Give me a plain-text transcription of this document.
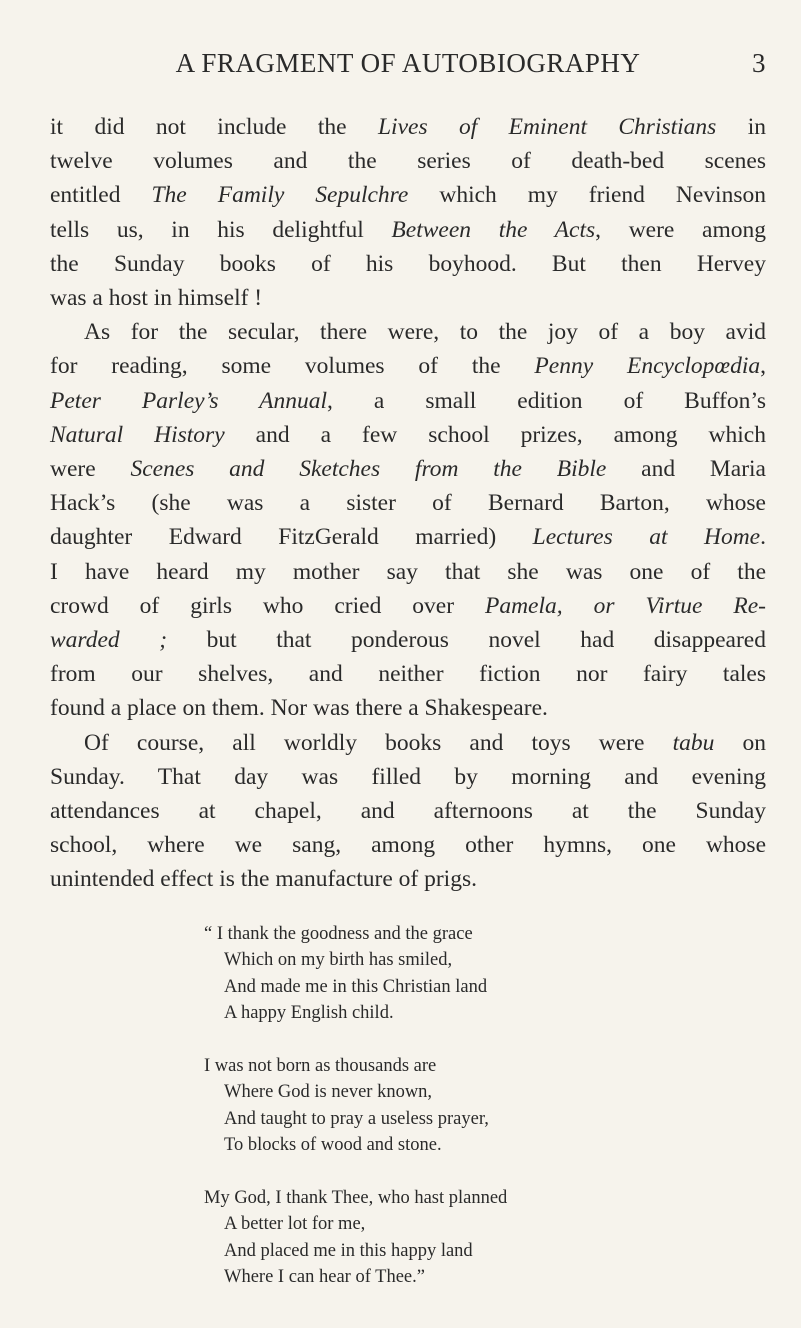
A FRAGMENT OF AUTOBIOGRAPHY	3

it did not include the Lives of Eminent Christians in
twelve volumes and the series of death-bed scenes
entitled The Family Sepulchre which my friend Nevinson
tells us, in his delightful Between the Acts, were among
the Sunday books of his boyhood. But then Hervey
was a host in himself !

As for the secular, there were, to the joy of a boy avid
for reading, some volumes of the Penny Encyclopœdia,
Peter Parley’s Annual, a small edition of Buffon’s
Natural History and a few school prizes, among which
were Scenes and Sketches from the Bible and Maria
Hack’s (she was a sister of Bernard Barton, whose
daughter Edward FitzGerald married) Lectures at Home.
I have heard my mother say that she was one of the
crowd of girls who cried over Pamela, or Virtue Re-
warded ; but that ponderous novel had disappeared
from our shelves, and neither fiction nor fairy tales
found a place on them. Nor was there a Shakespeare.

Of course, all worldly books and toys were tabu on
Sunday. That day was filled by morning and evening
attendances at chapel, and afternoons at the Sunday
school, where we sang, among other hymns, one whose
unintended effect is the manufacture of prigs.

“ I thank the goodness and the grace
Which on my birth has smiled,
And made me in this Christian land
A happy English child.
I was not born as thousands are
Where God is never known,
And taught to pray a useless prayer,
To blocks of wood and stone.
My God, I thank Thee, who hast planned
A better lot for me,
And placed me in this happy land
Where I can hear of Thee.”
